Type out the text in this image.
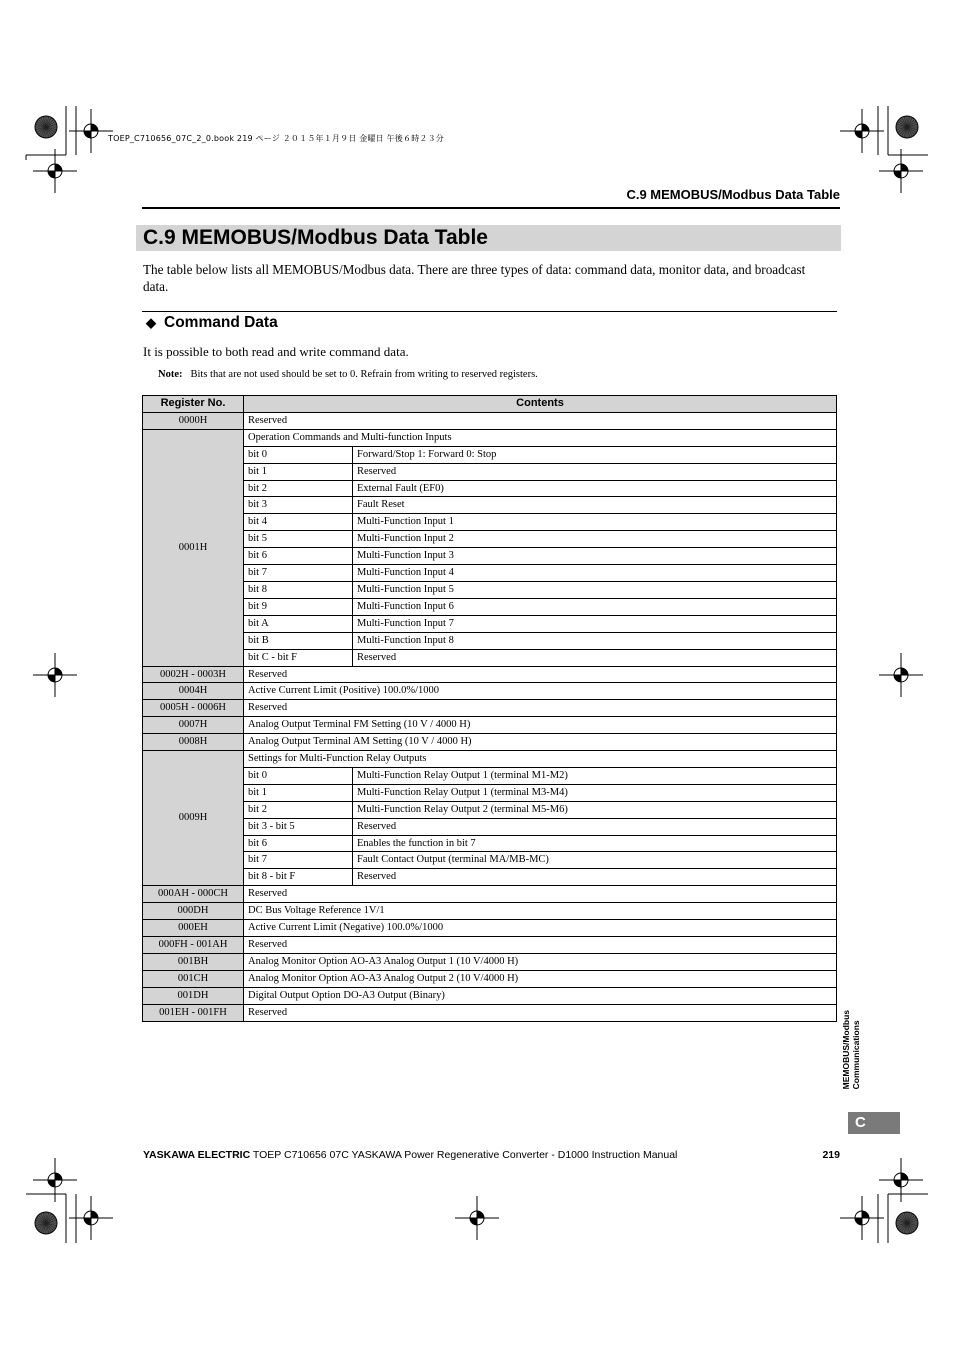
TOEP_C710656_07C_2_0.book 219 ページ ２０１５年１月９日 金曜日 午後６時２３分
C.9 MEMOBUS/Modbus Data Table
C.9 MEMOBUS/Modbus Data Table
The table below lists all MEMOBUS/Modbus data. There are three types of data: command data, monitor data, and broadcast data.
◆ Command Data
It is possible to both read and write command data.
Note: Bits that are not used should be set to 0. Refrain from writing to reserved registers.
Register No.	Contents	
0000H	Reserved	
0001H	Operation Commands and Multi-function Inputs	
	bit 0	Forward/Stop 1: Forward 0: Stop
	bit 1	Reserved
	bit 2	External Fault (EF0)
	bit 3	Fault Reset
	bit 4	Multi-Function Input 1
	bit 5	Multi-Function Input 2
	bit 6	Multi-Function Input 3
	bit 7	Multi-Function Input 4
	bit 8	Multi-Function Input 5
	bit 9	Multi-Function Input 6
	bit A	Multi-Function Input 7
	bit B	Multi-Function Input 8
	bit C - bit F	Reserved
0002H - 0003H	Reserved	
0004H	Active Current Limit (Positive) 100.0%/1000	
0005H - 0006H	Reserved	
0007H	Analog Output Terminal FM Setting (10 V / 4000 H)	
0008H	Analog Output Terminal AM Setting (10 V / 4000 H)	
0009H	Settings for Multi-Function Relay Outputs	
	bit 0	Multi-Function Relay Output 1 (terminal M1-M2)
	bit 1	Multi-Function Relay Output 1 (terminal M3-M4)
	bit 2	Multi-Function Relay Output 2 (terminal M5-M6)
	bit 3 - bit 5	Reserved
	bit 6	Enables the function in bit 7
	bit 7	Fault Contact Output (terminal MA/MB-MC)
	bit 8 - bit F	Reserved
000AH - 000CH	Reserved	
000DH	DC Bus Voltage Reference 1V/1	
000EH	Active Current Limit (Negative) 100.0%/1000	
000FH - 001AH	Reserved	
001BH	Analog Monitor Option AO-A3 Analog Output 1 (10 V/4000 H)	
001CH	Analog Monitor Option AO-A3 Analog Output 2 (10 V/4000 H)	
001DH	Digital Output Option DO-A3 Output (Binary)	
001EH - 001FH	Reserved		MEMOBUS/Modbus Communications
C
YASKAWA ELECTRIC TOEP C710656 07C YASKAWA Power Regenerative Converter - D1000 Instruction Manual	219
